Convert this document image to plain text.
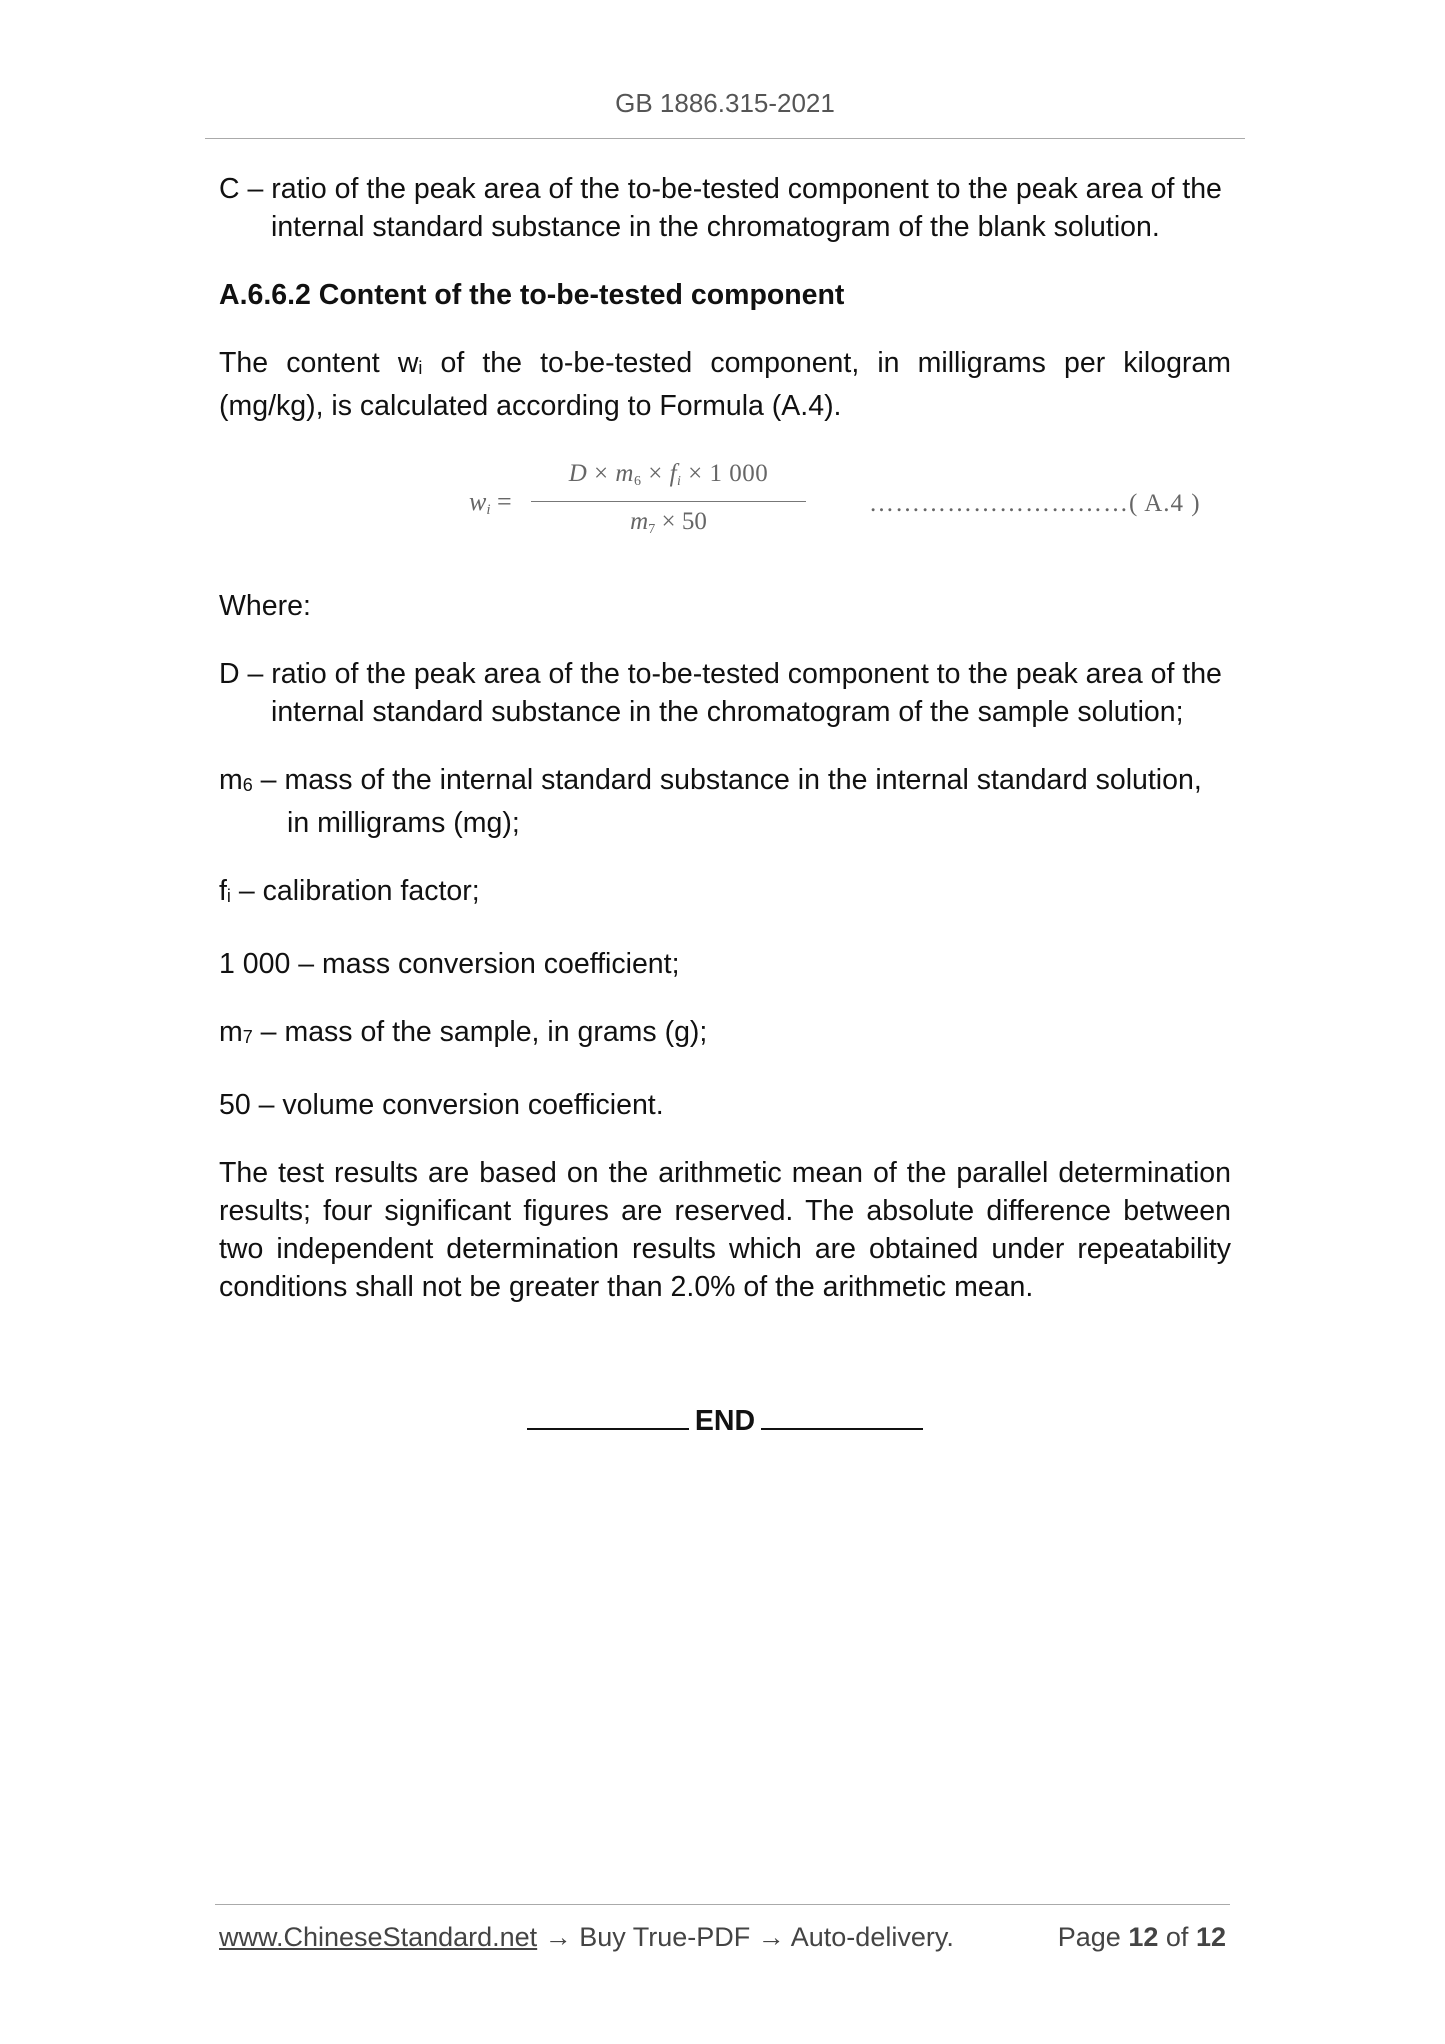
GB 1886.315-2021

C – ratio of the peak area of the to-be-tested component to the peak area of the internal standard substance in the chromatogram of the blank solution.

A.6.6.2 Content of the to-be-tested component

The content wi of the to-be-tested component, in milligrams per kilogram (mg/kg), is calculated according to Formula (A.4).

$w_i$ =
$D \times m_6 \times f_i \times 1$ 000
$m_7 \times 50$
…………………………( A.4 )

Where:

D – ratio of the peak area of the to-be-tested component to the peak area of the internal standard substance in the chromatogram of the sample solution;

m6 – mass of the internal standard substance in the internal standard solution, in milligrams (mg);

fi – calibration factor;

1 000 – mass conversion coefficient;

m7 – mass of the sample, in grams (g);

50 – volume conversion coefficient.

The test results are based on the arithmetic mean of the parallel determination results; four significant figures are reserved. The absolute difference between two independent determination results which are obtained under repeatability conditions shall not be greater than 2.0% of the arithmetic mean.

END
www.ChineseStandard.net → Buy True-PDF → Auto-delivery.	Page 12 of 12
